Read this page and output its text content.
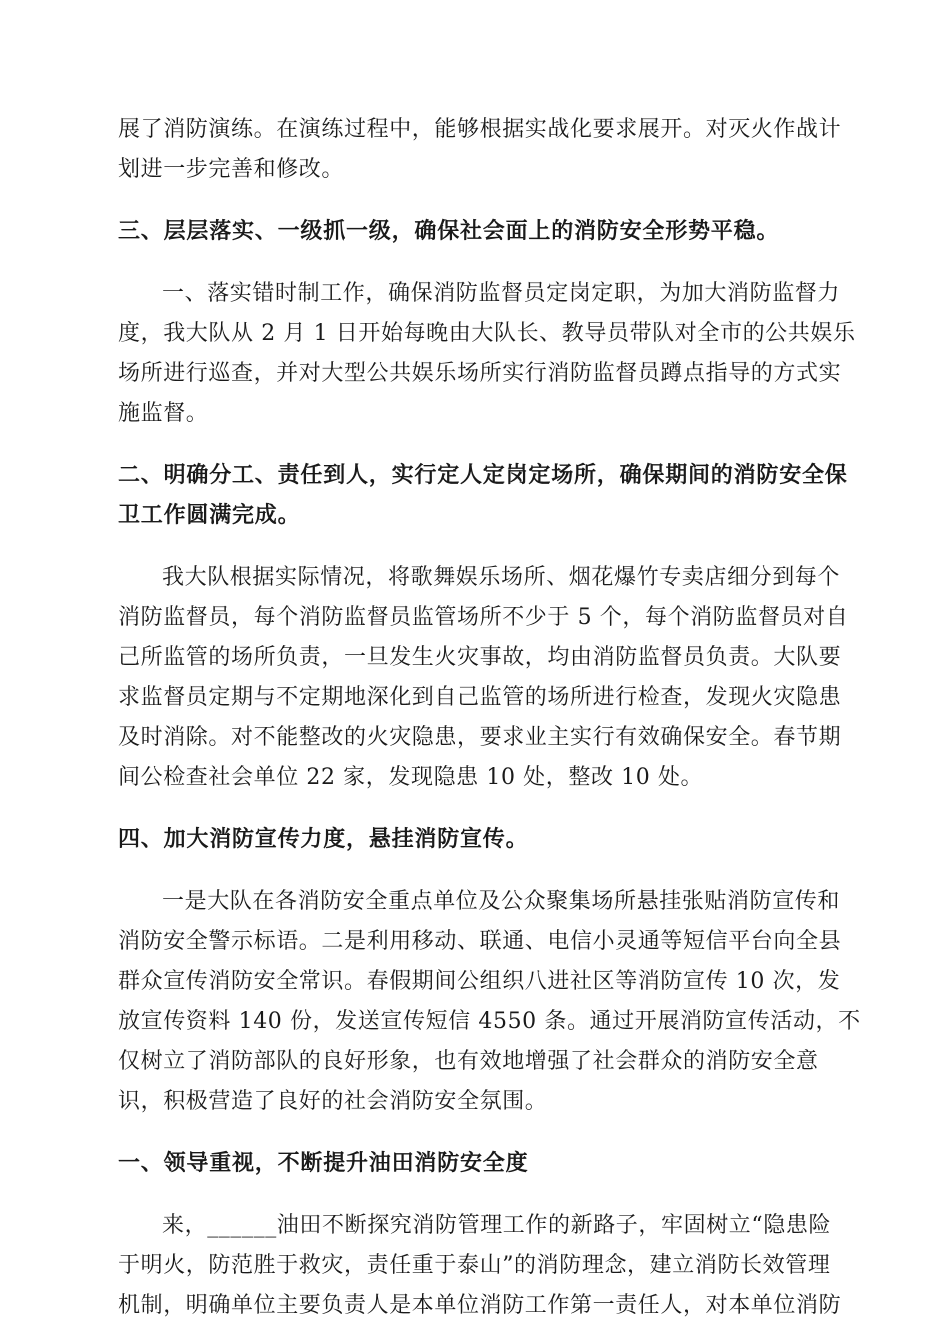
展了消防演练。在演练过程中，能够根据实战化要求展开。对灭火作战计
划进一步完善和修改。
三、层层落实、一级抓一级，确保社会面上的消防安全形势平稳。
一、落实错时制工作，确保消防监督员定岗定职，为加大消防监督力
度，我大队从 2 月 1 日开始每晚由大队长、教导员带队对全市的公共娱乐
场所进行巡查，并对大型公共娱乐场所实行消防监督员蹲点指导的方式实
施监督。
二、明确分工、责任到人，实行定人定岗定场所，确保期间的消防安全保
卫工作圆满完成。
我大队根据实际情况，将歌舞娱乐场所、烟花爆竹专卖店细分到每个
消防监督员，每个消防监督员监管场所不少于 5 个，每个消防监督员对自
己所监管的场所负责，一旦发生火灾事故，均由消防监督员负责。大队要
求监督员定期与不定期地深化到自己监管的场所进行检查，发现火灾隐患
及时消除。对不能整改的火灾隐患，要求业主实行有效确保安全。春节期
间公检查社会单位 22 家，发现隐患 10 处，整改 10 处。
四、加大消防宣传力度，悬挂消防宣传。
一是大队在各消防安全重点单位及公众聚集场所悬挂张贴消防宣传和
消防安全警示标语。二是利用移动、联通、电信小灵通等短信平台向全县
群众宣传消防安全常识。春假期间公组织八进社区等消防宣传 10 次，发
放宣传资料 140 份，发送宣传短信 4550 条。通过开展消防宣传活动，不
仅树立了消防部队的良好形象，也有效地增强了社会群众的消防安全意
识，积极营造了良好的社会消防安全氛围。
一、领导重视，不断提升油田消防安全度
来，______油田不断探究消防管理工作的新路子，牢固树立“隐患险
于明火，防范胜于救灾，责任重于泰山”的消防理念，建立消防长效管理
机制，明确单位主要负责人是本单位消防工作第一责任人，对本单位消防
